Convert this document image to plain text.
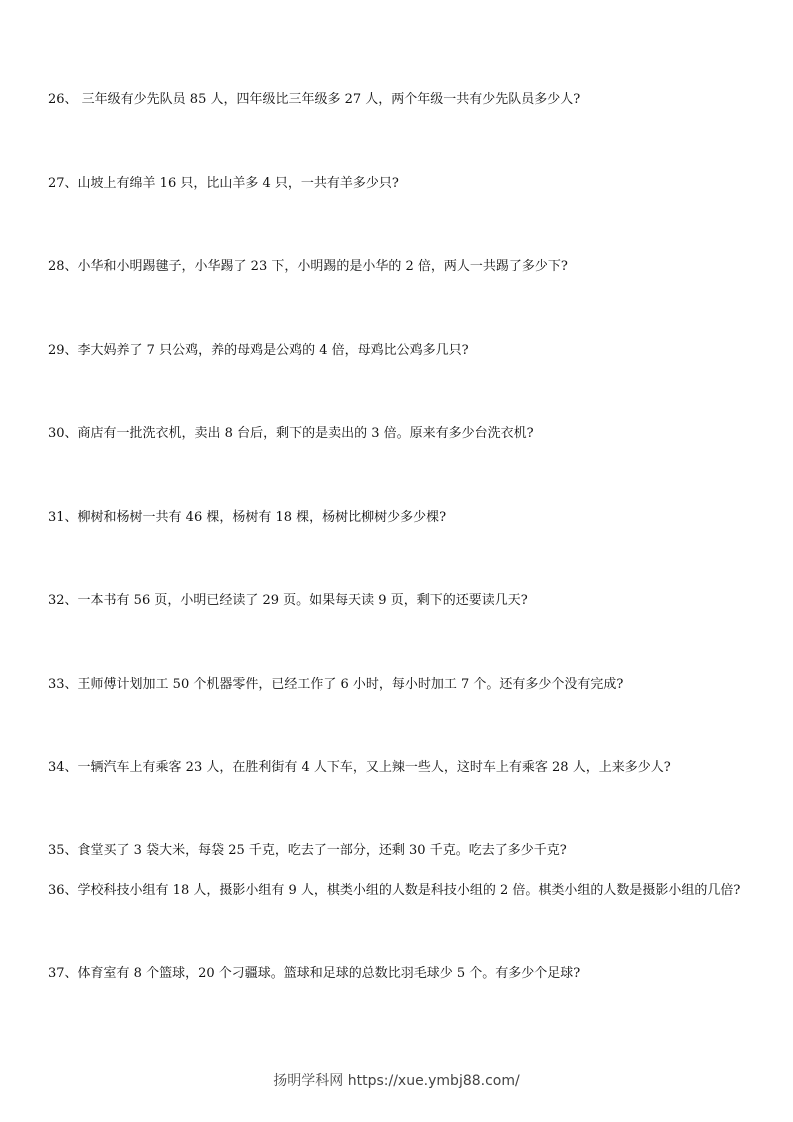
26、 三年级有少先队员 85 人，四年级比三年级多 27 人，两个年级一共有少先队员多少人?
27、山坡上有绵羊 16 只，比山羊多 4 只，一共有羊多少只?
28、小华和小明踢毽子，小华踢了 23 下，小明踢的是小华的 2 倍，两人一共踢了多少下?
29、李大妈养了 7 只公鸡，养的母鸡是公鸡的 4 倍，母鸡比公鸡多几只?
30、商店有一批洗衣机，卖出 8 台后，剩下的是卖出的 3 倍。原来有多少台洗衣机?
31、柳树和杨树一共有 46 棵，杨树有 18 棵，杨树比柳树少多少棵?
32、一本书有 56 页，小明已经读了 29 页。如果每天读 9 页，剩下的还要读几天?
33、王师傅计划加工 50 个机器零件，已经工作了 6 小时，每小时加工 7 个。还有多少个没有完成?
34、一辆汽车上有乘客 23 人，在胜利街有 4 人下车，又上辣一些人，这时车上有乘客 28 人，上来多少人?
35、食堂买了 3 袋大米，每袋 25 千克，吃去了一部分，还剩 30 千克。吃去了多少千克?
36、学校科技小组有 18 人，摄影小组有 9 人，棋类小组的人数是科技小组的 2 倍。棋类小组的人数是摄影小组的几倍?
37、体育室有 8 个篮球，20 个刁疆球。篮球和足球的总数比羽毛球少 5 个。有多少个足球?
扬明学科网 https://xue.ymbj88.com/
